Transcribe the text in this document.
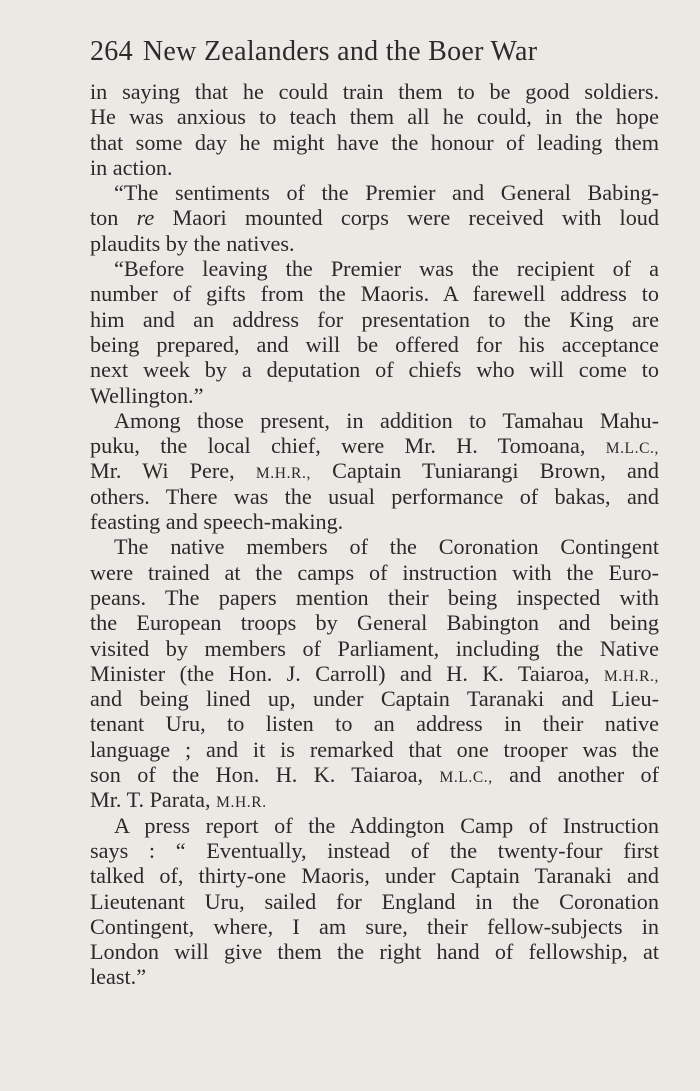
264 New Zealanders and the Boer War
in saying that he could train them to be good soldiers.
He was anxious to teach them all he could, in the hope
that some day he might have the honour of leading them
in action.
“The sentiments of the Premier and General Babing-
ton re Maori mounted corps were received with loud
plaudits by the natives.
“Before leaving the Premier was the recipient of a
number of gifts from the Maoris. A farewell address to
him and an address for presentation to the King are
being prepared, and will be offered for his acceptance
next week by a deputation of chiefs who will come to
Wellington.”
Among those present, in addition to Tamahau Mahu-
puku, the local chief, were Mr. H. Tomoana, M.L.C.,
Mr. Wi Pere, M.H.R., Captain Tuniarangi Brown, and
others. There was the usual performance of bakas, and
feasting and speech-making.
The native members of the Coronation Contingent
were trained at the camps of instruction with the Euro-
peans. The papers mention their being inspected with
the European troops by General Babington and being
visited by members of Parliament, including the Native
Minister (the Hon. J. Carroll) and H. K. Taiaroa, M.H.R.,
and being lined up, under Captain Taranaki and Lieu-
tenant Uru, to listen to an address in their native
language ; and it is remarked that one trooper was the
son of the Hon. H. K. Taiaroa, M.L.C., and another of
Mr. T. Parata, M.H.R.
A press report of the Addington Camp of Instruction
says : “ Eventually, instead of the twenty-four first
talked of, thirty-one Maoris, under Captain Taranaki and
Lieutenant Uru, sailed for England in the Coronation
Contingent, where, I am sure, their fellow-subjects in
London will give them the right hand of fellowship, at
least.”
